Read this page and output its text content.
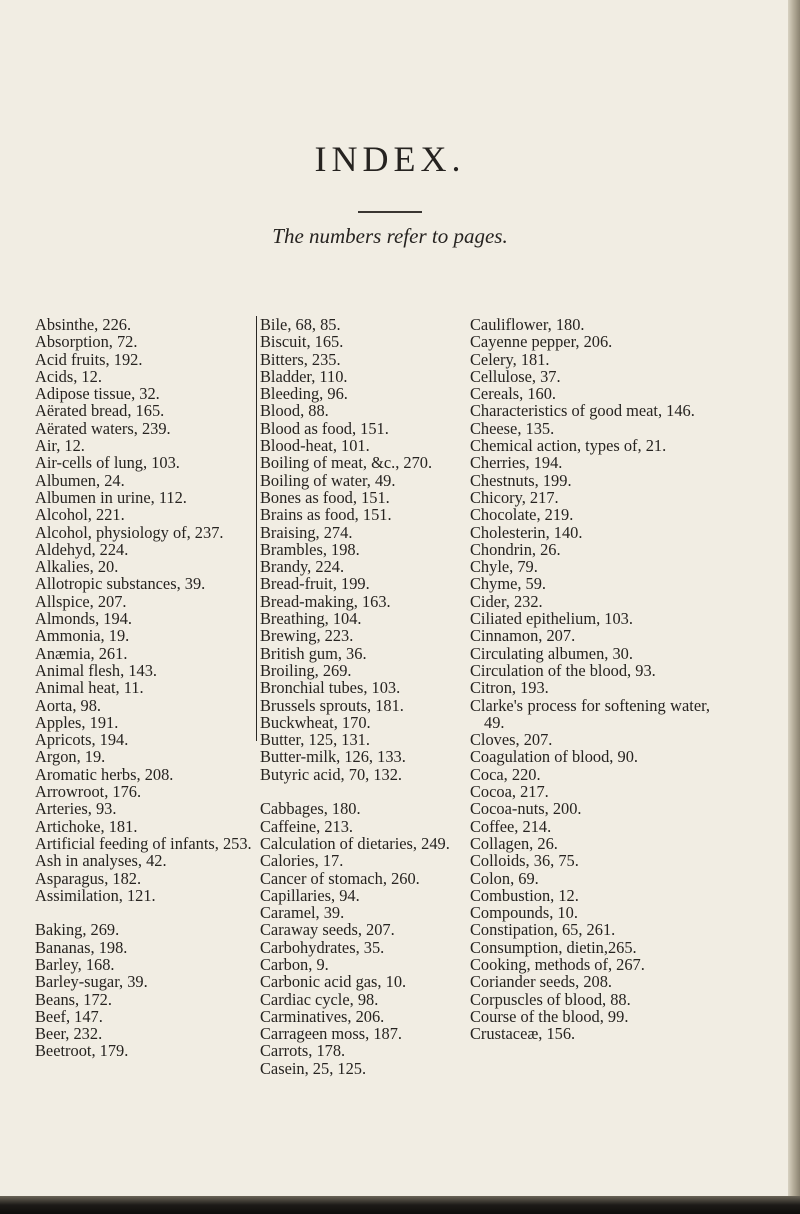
INDEX.
The numbers refer to pages.
Absinthe, 226.
Absorption, 72.
Acid fruits, 192.
Acids, 12.
Adipose tissue, 32.
Aërated bread, 165.
Aërated waters, 239.
Air, 12.
Air-cells of lung, 103.
Albumen, 24.
Albumen in urine, 112.
Alcohol, 221.
Alcohol, physiology of, 237.
Aldehyd, 224.
Alkalies, 20.
Allotropic substances, 39.
Allspice, 207.
Almonds, 194.
Ammonia, 19.
Anæmia, 261.
Animal flesh, 143.
Animal heat, 11.
Aorta, 98.
Apples, 191.
Apricots, 194.
Argon, 19.
Aromatic herbs, 208.
Arrowroot, 176.
Arteries, 93.
Artichoke, 181.
Artificial feeding of infants, 253.
Ash in analyses, 42.
Asparagus, 182.
Assimilation, 121.
Baking, 269.
Bananas, 198.
Barley, 168.
Barley-sugar, 39.
Beans, 172.
Beef, 147.
Beer, 232.
Beetroot, 179.
Bile, 68, 85.
Biscuit, 165.
Bitters, 235.
Bladder, 110.
Bleeding, 96.
Blood, 88.
Blood as food, 151.
Blood-heat, 101.
Boiling of meat, &c., 270.
Boiling of water, 49.
Bones as food, 151.
Brains as food, 151.
Braising, 274.
Brambles, 198.
Brandy, 224.
Bread-fruit, 199.
Bread-making, 163.
Breathing, 104.
Brewing, 223.
British gum, 36.
Broiling, 269.
Bronchial tubes, 103.
Brussels sprouts, 181.
Buckwheat, 170.
Butter, 125, 131.
Butter-milk, 126, 133.
Butyric acid, 70, 132.
Cabbages, 180.
Caffeine, 213.
Calculation of dietaries, 249.
Calories, 17.
Cancer of stomach, 260.
Capillaries, 94.
Caramel, 39.
Caraway seeds, 207.
Carbohydrates, 35.
Carbon, 9.
Carbonic acid gas, 10.
Cardiac cycle, 98.
Carminatives, 206.
Carrageen moss, 187.
Carrots, 178.
Casein, 25, 125.
Cauliflower, 180.
Cayenne pepper, 206.
Celery, 181.
Cellulose, 37.
Cereals, 160.
Characteristics of good meat, 146.
Cheese, 135.
Chemical action, types of, 21.
Cherries, 194.
Chestnuts, 199.
Chicory, 217.
Chocolate, 219.
Cholesterin, 140.
Chondrin, 26.
Chyle, 79.
Chyme, 59.
Cider, 232.
Ciliated epithelium, 103.
Cinnamon, 207.
Circulating albumen, 30.
Circulation of the blood, 93.
Citron, 193.
Clarke's process for softening water, 49.
Cloves, 207.
Coagulation of blood, 90.
Coca, 220.
Cocoa, 217.
Cocoa-nuts, 200.
Coffee, 214.
Collagen, 26.
Colloids, 36, 75.
Colon, 69.
Combustion, 12.
Compounds, 10.
Constipation, 65, 261.
Consumption, dietin,265.
Cooking, methods of, 267.
Coriander seeds, 208.
Corpuscles of blood, 88.
Course of the blood, 99.
Crustaceæ, 156.
